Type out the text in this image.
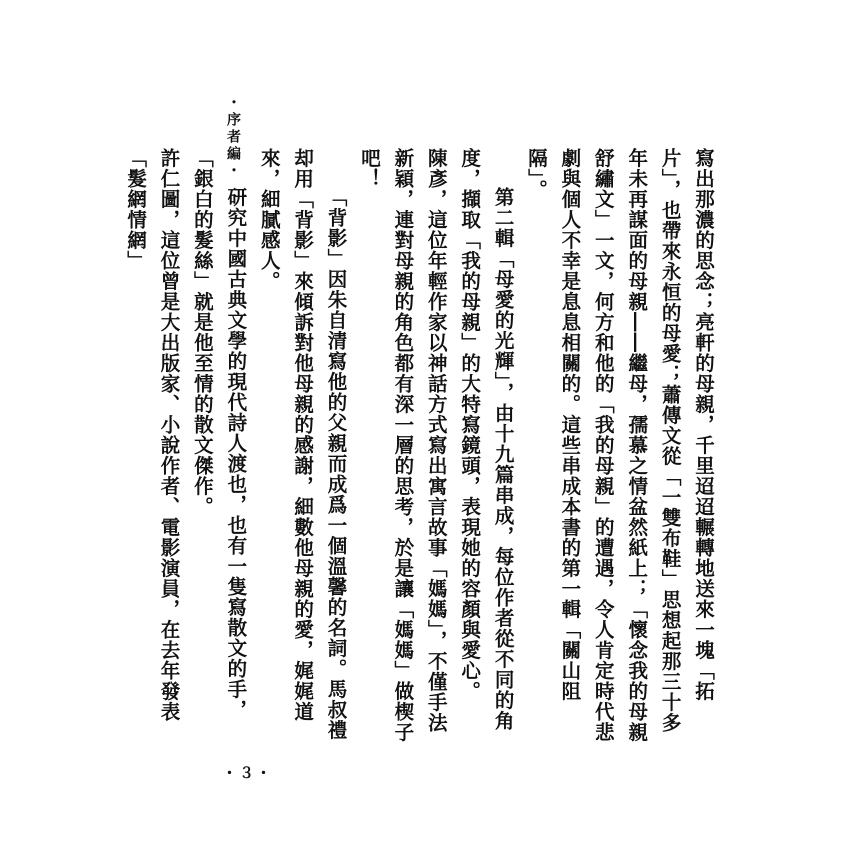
・序者編・

寫出那濃的思念；亮軒的母親，千里迢迢輾轉地送來一塊「拓片」，也帶來永恒的母愛；蕭傳文從「一雙布鞋」思想起那三十多年未再謀面的母親――繼母，孺慕之情盆然紙上；「懷念我的母親舒繡文」一文，何方和他的「我的母親」的遭遇，令人肯定時代悲劇與個人不幸是息息相關的。這些串成本書的第一輯「關山阻隔」。

第二輯「母愛的光輝」，由十九篇串成，每位作者從不同的角度，擷取「我的母親」的大特寫鏡頭，表現她的容顏與愛心。

陳彥，這位年輕作家以神話方式寫出寓言故事「媽媽」，不僅手法新穎，連對母親的角色都有深一層的思考，於是讓「媽媽」做楔子吧！

「背影」因朱自清寫他的父親而成爲一個溫馨的名詞。馬叔禮却用「背影」來傾訴對他母親的感謝，細數他母親的愛，娓娓道來，細膩感人。

研究中國古典文學的現代詩人渡也，也有一隻寫散文的手，「銀白的髮絲」就是他至情的散文傑作。

許仁圖，這位曾是大出版家、小說作者、電影演員，在去年發表「髮網情網」

・３・
